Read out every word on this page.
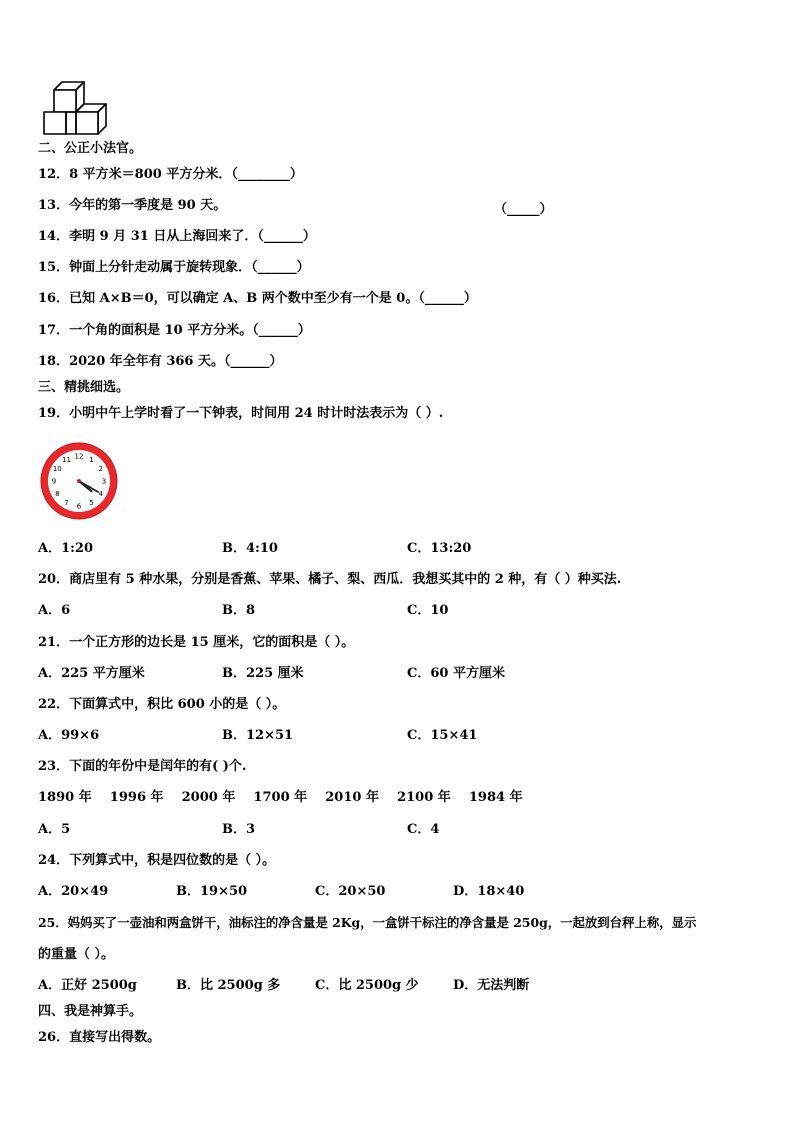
二、公正小法官。
12．8 平方米＝800 平方分米．（________）
13．今年的第一季度是 90 天。	（_____）
14．李明 9 月 31 日从上海回来了．（______）
15．钟面上分针走动属于旋转现象．（______）
16．已知 A×B＝0，可以确定 A、B 两个数中至少有一个是 0。（______）
17．一个角的面积是 10 平方分米。（______）
18．2020 年全年有 366 天。（______）
三、精挑细选。
19．小明中午上学时看了一下钟表，时间用 24 时计时法表示为（ ）.
12 1
2
3
4
5
6
7
8
9
10
11
A．1:20	B．4:10	C．13:20
20．商店里有 5 种水果，分别是香蕉、苹果、橘子、梨、西瓜．我想买其中的 2 种，有（ ）种买法.
A．6	B．8	C．10
21．一个正方形的边长是 15 厘米，它的面积是（ ）。
A．225 平方厘米	B．225 厘米	C．60 平方厘米
22．下面算式中，积比 600 小的是（ ）。
A．99×6	B．12×51	C．15×41
23．下面的年份中是闰年的有( )个.
1890 年    1996 年    2000 年    1700 年    2010 年    2100 年    1984 年
A．5	B．3	C．4
24．下列算式中，积是四位数的是（ ）。
A．20×49	B．19×50	C．20×50	D．18×40
25．妈妈买了一壶油和两盒饼干，油标注的净含量是 2Kg，一盒饼干标注的净含量是 250g，一起放到台秤上称，显示
的重量（ ）。
A．正好 2500g	B．比 2500g 多	C．比 2500g 少	D．无法判断
四、我是神算手。
26．直接写出得数。
